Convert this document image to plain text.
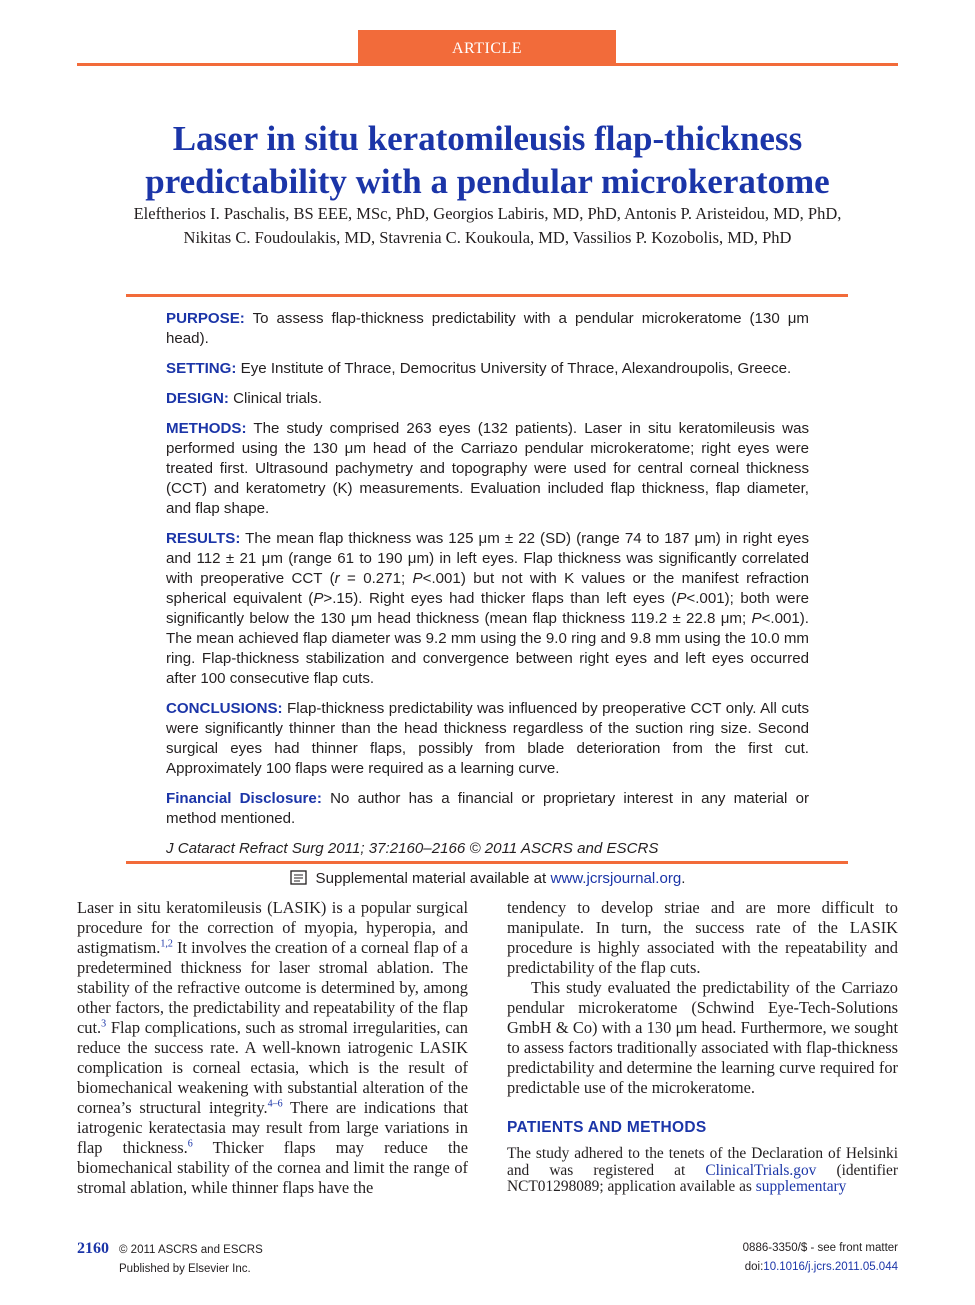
ARTICLE
Laser in situ keratomileusis flap-thickness predictability with a pendular microkeratome
Eleftherios I. Paschalis, BS EEE, MSc, PhD, Georgios Labiris, MD, PhD, Antonis P. Aristeidou, MD, PhD,
Nikitas C. Foudoulakis, MD, Stavrenia C. Koukoula, MD, Vassilios P. Kozobolis, MD, PhD

PURPOSE: To assess flap-thickness predictability with a pendular microkeratome (130 μm head).

SETTING: Eye Institute of Thrace, Democritus University of Thrace, Alexandroupolis, Greece.

DESIGN: Clinical trials.

METHODS: The study comprised 263 eyes (132 patients). Laser in situ keratomileusis was performed using the 130 μm head of the Carriazo pendular microkeratome; right eyes were treated first. Ultrasound pachymetry and topography were used for central corneal thickness (CCT) and keratometry (K) measurements. Evaluation included flap thickness, flap diameter, and flap shape.

RESULTS: The mean flap thickness was 125 μm ± 22 (SD) (range 74 to 187 μm) in right eyes and 112 ± 21 μm (range 61 to 190 μm) in left eyes. Flap thickness was significantly correlated with preoperative CCT (r = 0.271; P<.001) but not with K values or the manifest refraction spherical equivalent (P>.15). Right eyes had thicker flaps than left eyes (P<.001); both were significantly below the 130 μm head thickness (mean flap thickness 119.2 ± 22.8 μm; P<.001). The mean achieved flap diameter was 9.2 mm using the 9.0 ring and 9.8 mm using the 10.0 mm ring. Flap-thickness stabilization and convergence between right eyes and left eyes occurred after 100 consecutive flap cuts.

CONCLUSIONS: Flap-thickness predictability was influenced by preoperative CCT only. All cuts were significantly thinner than the head thickness regardless of the suction ring size. Second surgical eyes had thinner flaps, possibly from blade deterioration from the first cut. Approximately 100 flaps were required as a learning curve.

Financial Disclosure: No author has a financial or proprietary interest in any material or method mentioned.

J Cataract Refract Surg 2011; 37:2160–2166 © 2011 ASCRS and ESCRS

Supplemental material available at www.jcrsjournal.org.

Laser in situ keratomileusis (LASIK) is a popular surgical procedure for the correction of myopia, hyperopia, and astigmatism.$^{1,2}$ It involves the creation of a corneal flap of a predetermined thickness for laser stromal ablation. The stability of the refractive outcome is determined by, among other factors, the predictability and repeatability of the flap cut.$^3$ Flap complications, such as stromal irregularities, can reduce the success rate. A well-known iatrogenic LASIK complication is corneal ectasia, which is the result of biomechanical weakening with substantial alteration of the cornea’s structural integrity.$^{4-6}$ There are indications that iatrogenic keratectasia may result from large variations in flap thickness.$^6$ Thicker flaps may reduce the biomechanical stability of the cornea and limit the range of stromal ablation, while thinner flaps have the

tendency to develop striae and are more difficult to manipulate. In turn, the success rate of the LASIK procedure is highly associated with the repeatability and predictability of the flap cuts.

This study evaluated the predictability of the Carriazo pendular microkeratome (Schwind Eye-Tech-Solutions GmbH & Co) with a 130 μm head. Furthermore, we sought to assess factors traditionally associated with flap-thickness predictability and determine the learning curve required for predictable use of the microkeratome.

PATIENTS AND METHODS

The study adhered to the tenets of the Declaration of Helsinki and was registered at ClinicalTrials.gov (identifier NCT01298089; application available as supplementary

2160 © 2011 ASCRS and ESCRS
Published by Elsevier Inc.
0886-3350/$ - see front matter
doi:10.1016/j.jcrs.2011.05.044
